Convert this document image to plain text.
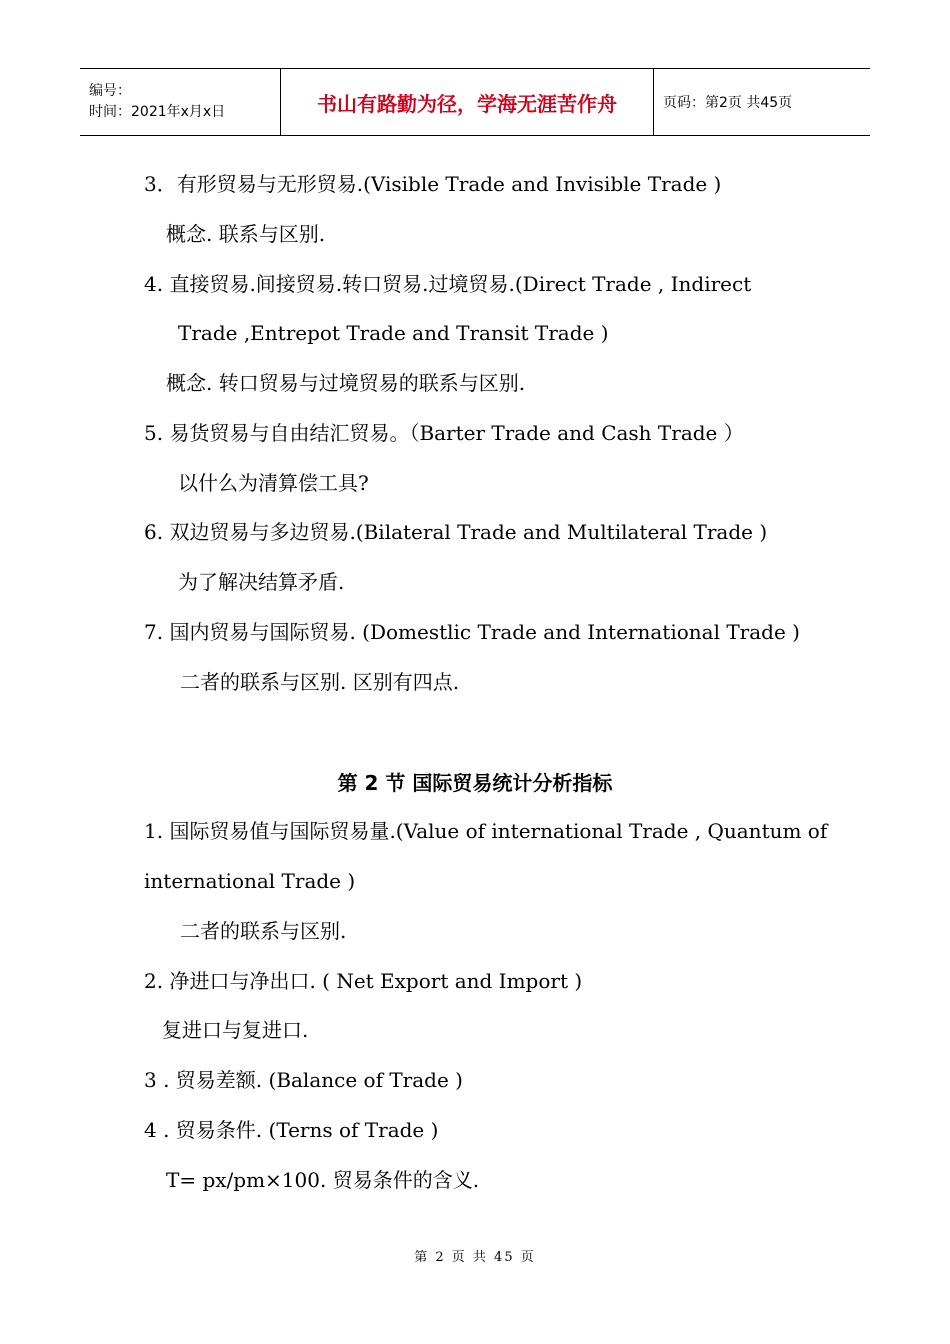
编号：
时间：2021年x月x日	书山有路勤为径，学海无涯苦作舟	页码：第2页 共45页
3．有形贸易与无形贸易.(Visible Trade and Invisible Trade )
概念. 联系与区别.
4. 直接贸易.间接贸易.转口贸易.过境贸易.(Direct Trade , Indirect
Trade ,Entrepot Trade and Transit Trade )
概念. 转口贸易与过境贸易的联系与区别.
5. 易货贸易与自由结汇贸易。（Barter Trade and Cash Trade ）
以什么为清算偿工具?
6. 双边贸易与多边贸易.(Bilateral Trade and Multilateral Trade )
为了解决结算矛盾.
7. 国内贸易与国际贸易. (Domestlic Trade and International Trade )
二者的联系与区别. 区别有四点.
第 2 节 国际贸易统计分析指标
1. 国际贸易值与国际贸易量.(Value of international Trade , Quantum of
international Trade )
二者的联系与区别.
2. 净进口与净出口. ( Net Export and Import )
复进口与复进口.
3 . 贸易差额. (Balance of Trade )
4 . 贸易条件. (Terns of Trade )
T= px/pm×100. 贸易条件的含义.
第 2 页 共 45 页
